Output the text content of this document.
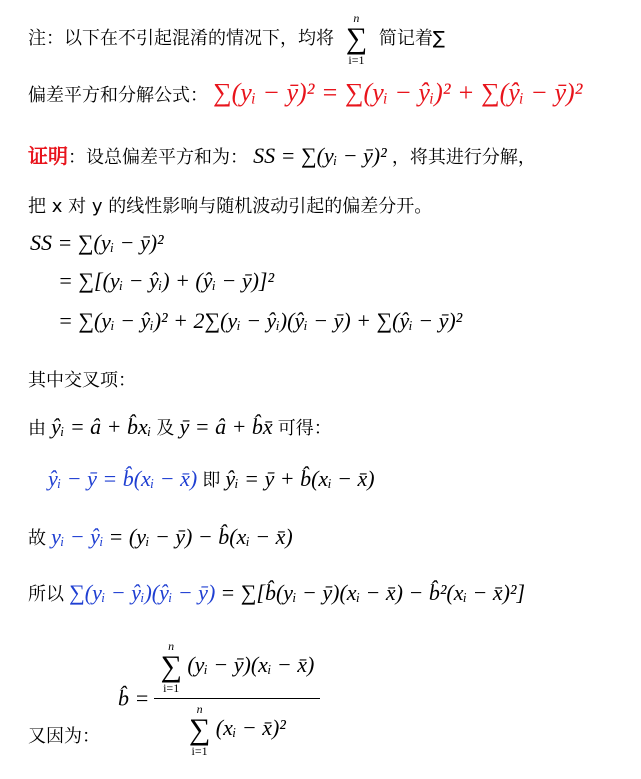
注：以下在不引起混淆的情况下，均将
n
∑
i=1
简记着∑
偏差平方和分解公式： ∑(yᵢ − ȳ)² = ∑(yᵢ − ŷᵢ)² + ∑(ŷᵢ − ȳ)²
证明：设总偏差平方和为： SS = ∑(yᵢ − ȳ)² ，将其进行分解，
把 x 对 y 的线性影响与随机波动引起的偏差分开。
SS = ∑(yᵢ − ȳ)²
= ∑[(yᵢ − ŷᵢ) + (ŷᵢ − ȳ)]²
= ∑(yᵢ − ŷᵢ)² + 2∑(yᵢ − ŷᵢ)(ŷᵢ − ȳ) + ∑(ŷᵢ − ȳ)²
其中交叉项：
由 ŷᵢ = â + b̂xᵢ 及 ȳ = â + b̂x̄ 可得：
ŷᵢ − ȳ = b̂(xᵢ − x̄) 即 ŷᵢ = ȳ + b̂(xᵢ − x̄)
故 yᵢ − ŷᵢ = (yᵢ − ȳ) − b̂(xᵢ − x̄)
所以 ∑(yᵢ − ŷᵢ)(ŷᵢ − ȳ) = ∑[b̂(yᵢ − ȳ)(xᵢ − x̄) − b̂²(xᵢ − x̄)²]
b̂ = n
∑
i=1
(yᵢ − ȳ)(xᵢ − x̄)
n
∑
i=1
(xᵢ − x̄)²
又因为：
